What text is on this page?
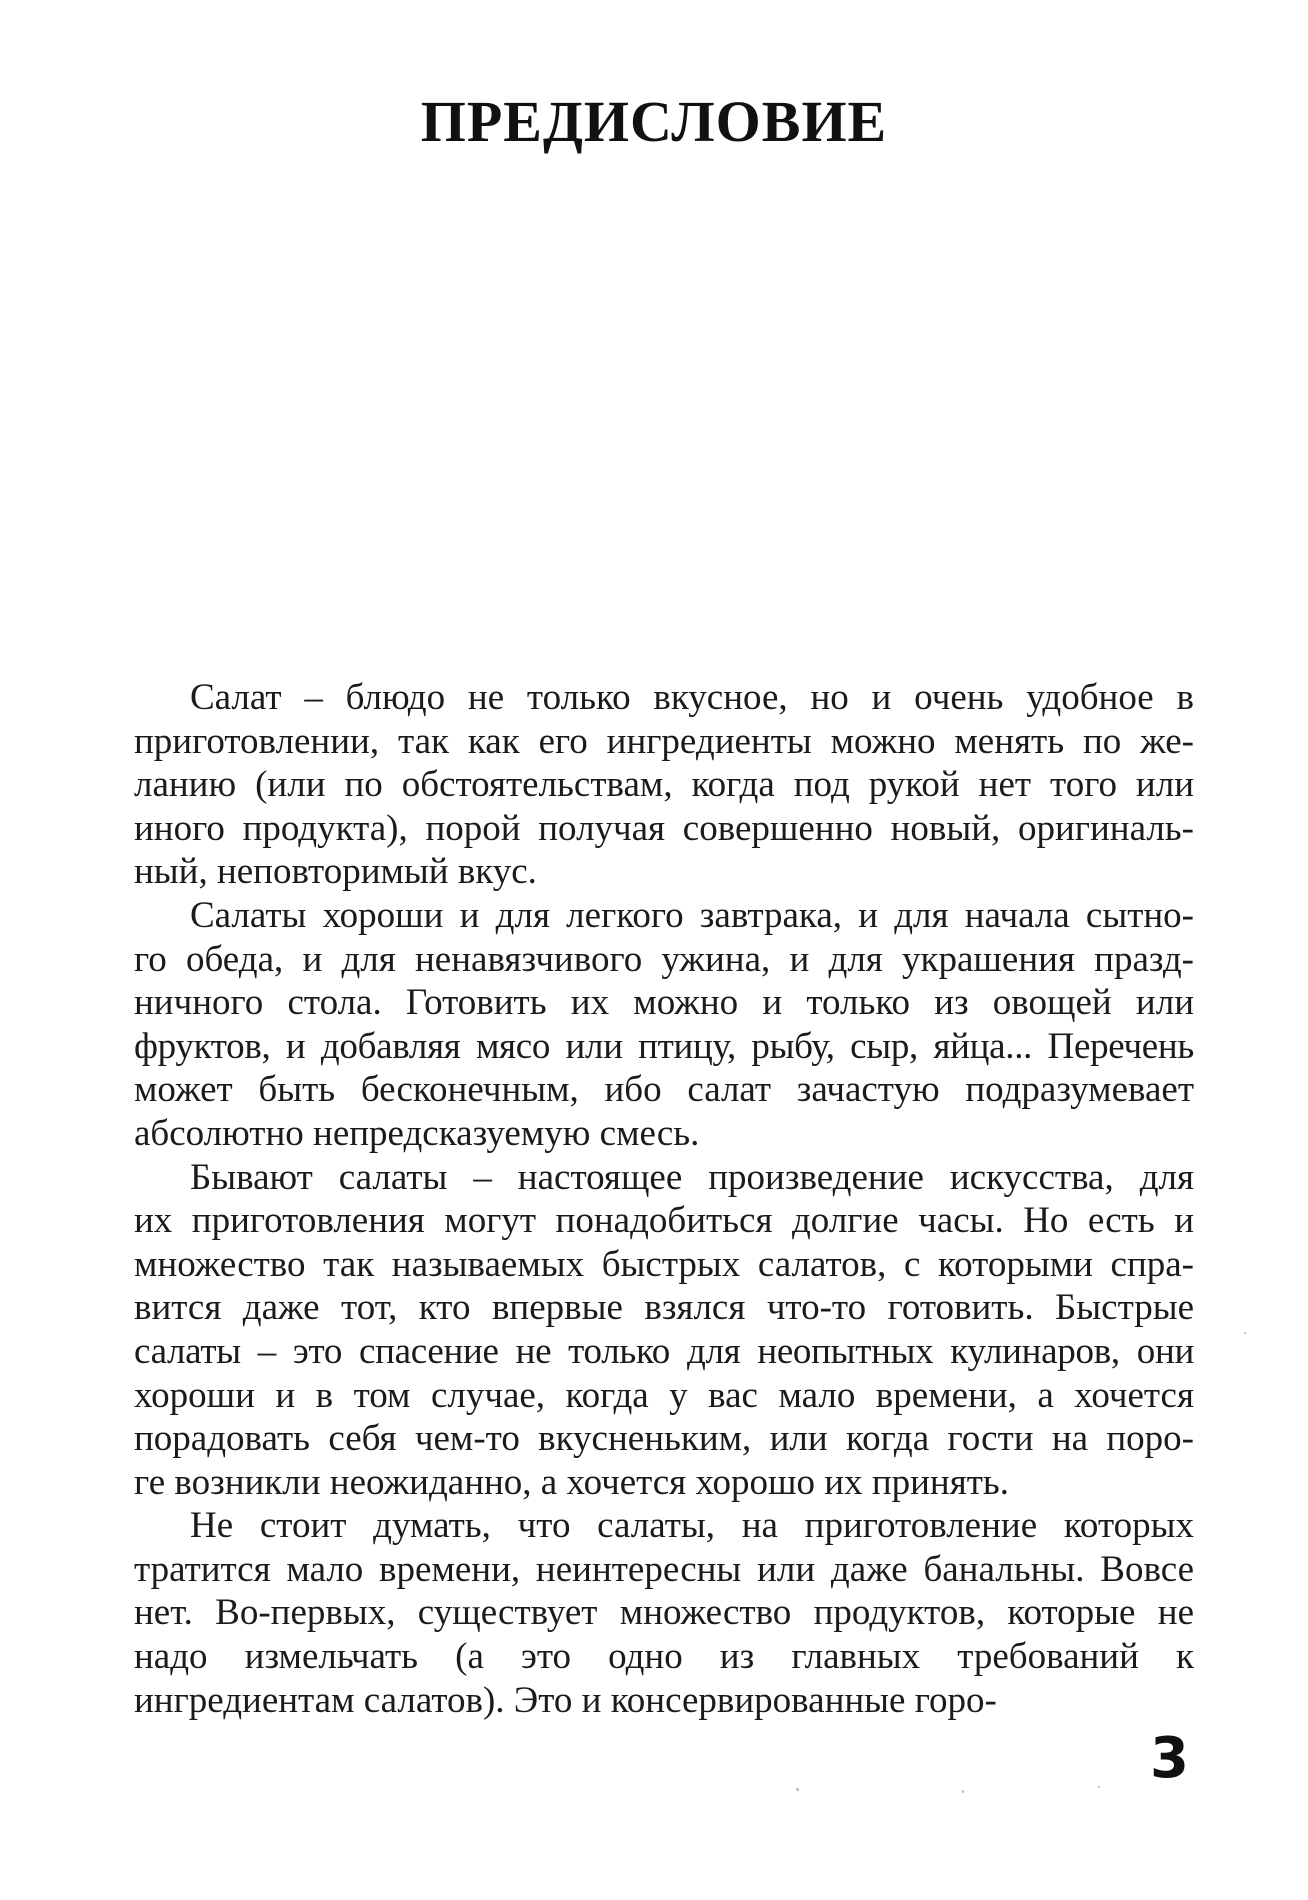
ПРЕДИСЛОВИЕ
Салат – блюдо не только вкусное, но и очень удобное в
приготовлении, так как его ингредиенты можно менять по же-
ланию (или по обстоятельствам, когда под рукой нет того или
иного продукта), порой получая совершенно новый, оригиналь-
ный, неповторимый вкус.
Салаты хороши и для легкого завтрака, и для начала сытно-
го обеда, и для ненавязчивого ужина, и для украшения празд-
ничного стола. Готовить их можно и только из овощей или
фруктов, и добавляя мясо или птицу, рыбу, сыр, яйца... Перечень
может быть бесконечным, ибо салат зачастую подразумевает
абсолютно непредсказуемую смесь.
Бывают салаты – настоящее произведение искусства, для
их приготовления могут понадобиться долгие часы. Но есть и
множество так называемых быстрых салатов, с которыми спра-
вится даже тот, кто впервые взялся что-то готовить. Быстрые
салаты – это спасение не только для неопытных кулинаров, они
хороши и в том случае, когда у вас мало времени, а хочется
порадовать себя чем-то вкусненьким, или когда гости на поро-
ге возникли неожиданно, а хочется хорошо их принять.
Не стоит думать, что салаты, на приготовление которых
тратится мало времени, неинтересны или даже банальны. Вовсе
нет. Во-первых, существует множество продуктов, которые не
надо измельчать (а это одно из главных требований к
ингредиентам салатов). Это и консервированные горо-
3
